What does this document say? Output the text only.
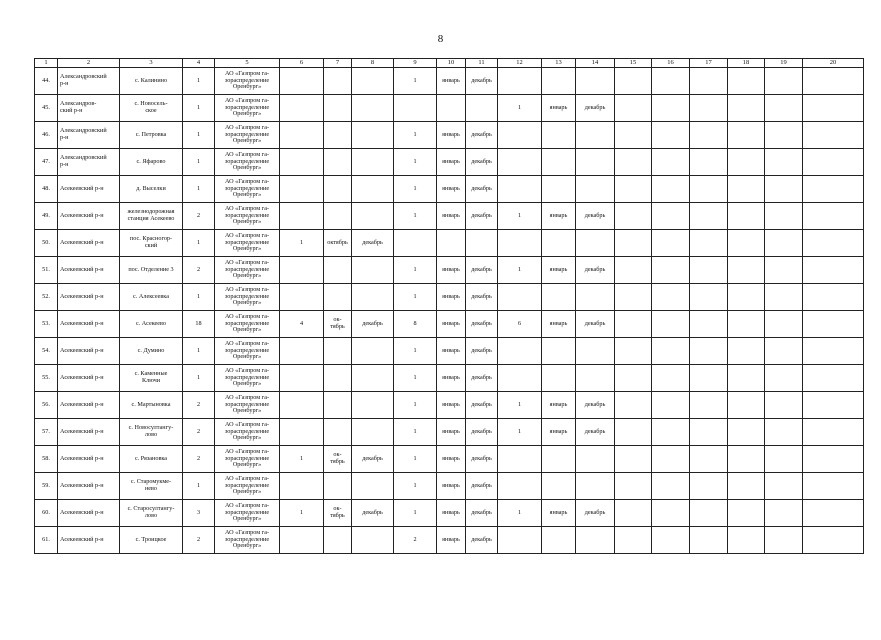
8
1	2	3	4	5	6	7	8	9	10	11	12	13	14	15	16	17	18	19	20
44.	Александровский
р-н	с. Калинино	1	АО «Газпром га-
зораспределение
Оренбург»				1	январь	декабрь									
45.	Александров-
ский р-н	с. Новосель-
ское	1	АО «Газпром га-
зораспределение
Оренбург»							1	январь	декабрь						
46.	Александровский
р-н	с. Петровка	1	АО «Газпром га-
зораспределение
Оренбург»				1	январь	декабрь									
47.	Александровский
р-н	с. Яфарово	1	АО «Газпром га-
зораспределение
Оренбург»				1	январь	декабрь									
48.	Асекеевский р-н	д. Выселки	1	АО «Газпром га-
зораспределение
Оренбург»				1	январь	декабрь									
49.	Асекеевский р-н	железнодорожная
станция Асекеево	2	АО «Газпром га-
зораспределение
Оренбург»				1	январь	декабрь	1	январь	декабрь						
50.	Асекеевский р-н	пос. Красногор-
ский	1	АО «Газпром га-
зораспределение
Оренбург»	1	октябрь	декабрь												
51.	Асекеевский р-н	пос. Отделение 3	2	АО «Газпром га-
зораспределение
Оренбург»				1	январь	декабрь	1	январь	декабрь						
52.	Асекеевский р-н	с. Алексеевка	1	АО «Газпром га-
зораспределение
Оренбург»				1	январь	декабрь									
53.	Асекеевский р-н	с. Асекеево	18	АО «Газпром га-
зораспределение
Оренбург»	4	ок-
тябрь	декабрь	8	январь	декабрь	6	январь	декабрь						
54.	Асекеевский р-н	с. Думино	1	АО «Газпром га-
зораспределение
Оренбург»				1	январь	декабрь									
55.	Асекеевский р-н	с. Каменные
Ключи	1	АО «Газпром га-
зораспределение
Оренбург»				1	январь	декабрь									
56.	Асекеевский р-н	с. Мартыновка	2	АО «Газпром га-
зораспределение
Оренбург»				1	январь	декабрь	1	январь	декабрь						
57.	Асекеевский р-н	с. Новосултангу-
лово	2	АО «Газпром га-
зораспределение
Оренбург»				1	январь	декабрь	1	январь	декабрь						
58.	Асекеевский р-н	с. Рязановка	2	АО «Газпром га-
зораспределение
Оренбург»	1	ок-
тябрь	декабрь	1	январь	декабрь									
59.	Асекеевский р-н	с. Старомукме-
нево	1	АО «Газпром га-
зораспределение
Оренбург»				1	январь	декабрь									
60.	Асекеевский р-н	с. Старосултангу-
лово	3	АО «Газпром га-
зораспределение
Оренбург»	1	ок-
тябрь	декабрь	1	январь	декабрь	1	январь	декабрь						
61.	Асекеевский р-н	с. Троицкое	2	АО «Газпром га-
зораспределение
Оренбург»				2	январь	декабрь									
